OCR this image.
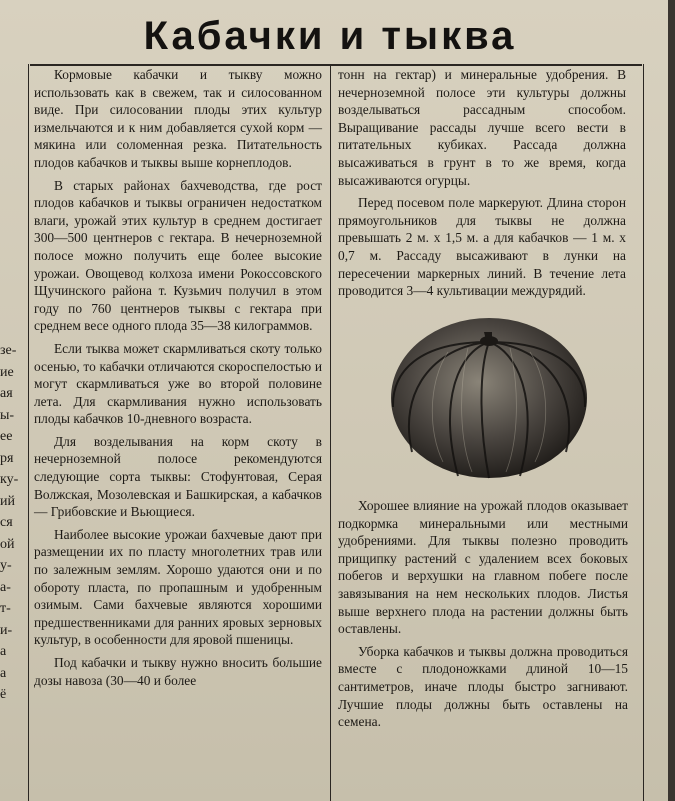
зе-
ие
ая
ы-
ее
ря
ку-
ий
ся
ой
у-
а-
т-
и-
а
а
ё
Кабачки и тыква

Кормовые кабачки и тыкву можно использовать как в свежем, так и силосованном виде. При силосовании плоды этих культур измельчаются и к ним добавляется сухой корм — мякина или соломенная резка. Питательность плодов кабачков и тыквы выше корнеплодов.

В старых районах бахчеводства, где рост плодов кабачков и тыквы ограничен недостатком влаги, урожай этих культур в среднем достигает 300—500 центнеров с гектара. В нечерноземной полосе можно получить еще более высокие урожаи. Овощевод колхоза имени Рокоссовского Щучинского района т. Кузьмич получил в этом году по 760 центнеров тыквы с гектара при среднем весе одного плода 35—38 килограммов.

Если тыква может скармливаться скоту только осенью, то кабачки отличаются скороспелостью и могут скармливаться уже во второй половине лета. Для скармливания нужно использовать плоды кабачков 10-дневного возраста.

Для возделывания на корм скоту в нечерноземной полосе рекомендуются следующие сорта тыквы: Стофунтовая, Серая Волжская, Мозолевская и Башкирская, а кабачков — Грибовские и Вьющиеся.

Наиболее высокие урожаи бахчевые дают при размещении их по пласту многолетних трав или по залежным землям. Хорошо удаются они и по обороту пласта, по пропашным и удобренным озимым. Сами бахчевые являются хорошими предшественниками для ранних яровых зерновых культур, в особенности для яровой пшеницы.

Под кабачки и тыкву нужно вносить большие дозы навоза (30—40 и более

тонн на гектар) и минеральные удобрения. В нечерноземной полосе эти культуры должны возделываться рассадным способом. Выращивание рассады лучше всего вести в питательных кубиках. Рассада должна высаживаться в грунт в то же время, когда высаживаются огурцы.

Перед посевом поле маркеруют. Длина сторон прямоугольников для тыквы не должна превышать 2 м. х 1,5 м. а для кабачков — 1 м. х 0,7 м. Рассаду высаживают в лунки на пересечении маркерных линий. В течение лета проводится 3—4 культивации междурядий.

Хорошее влияние на урожай плодов оказывает подкормка минеральными или местными удобрениями. Для тыквы полезно проводить прищипку растений с удалением всех боковых побегов и верхушки на главном побеге после завязывания на нем нескольких плодов. Листья выше верхнего плода на растении должны быть оставлены.

Уборка кабачков и тыквы должна проводиться вместе с плодоножками длиной 10—15 сантиметров, иначе плоды быстро загнивают. Лучшие плоды должны быть оставлены на семена.
